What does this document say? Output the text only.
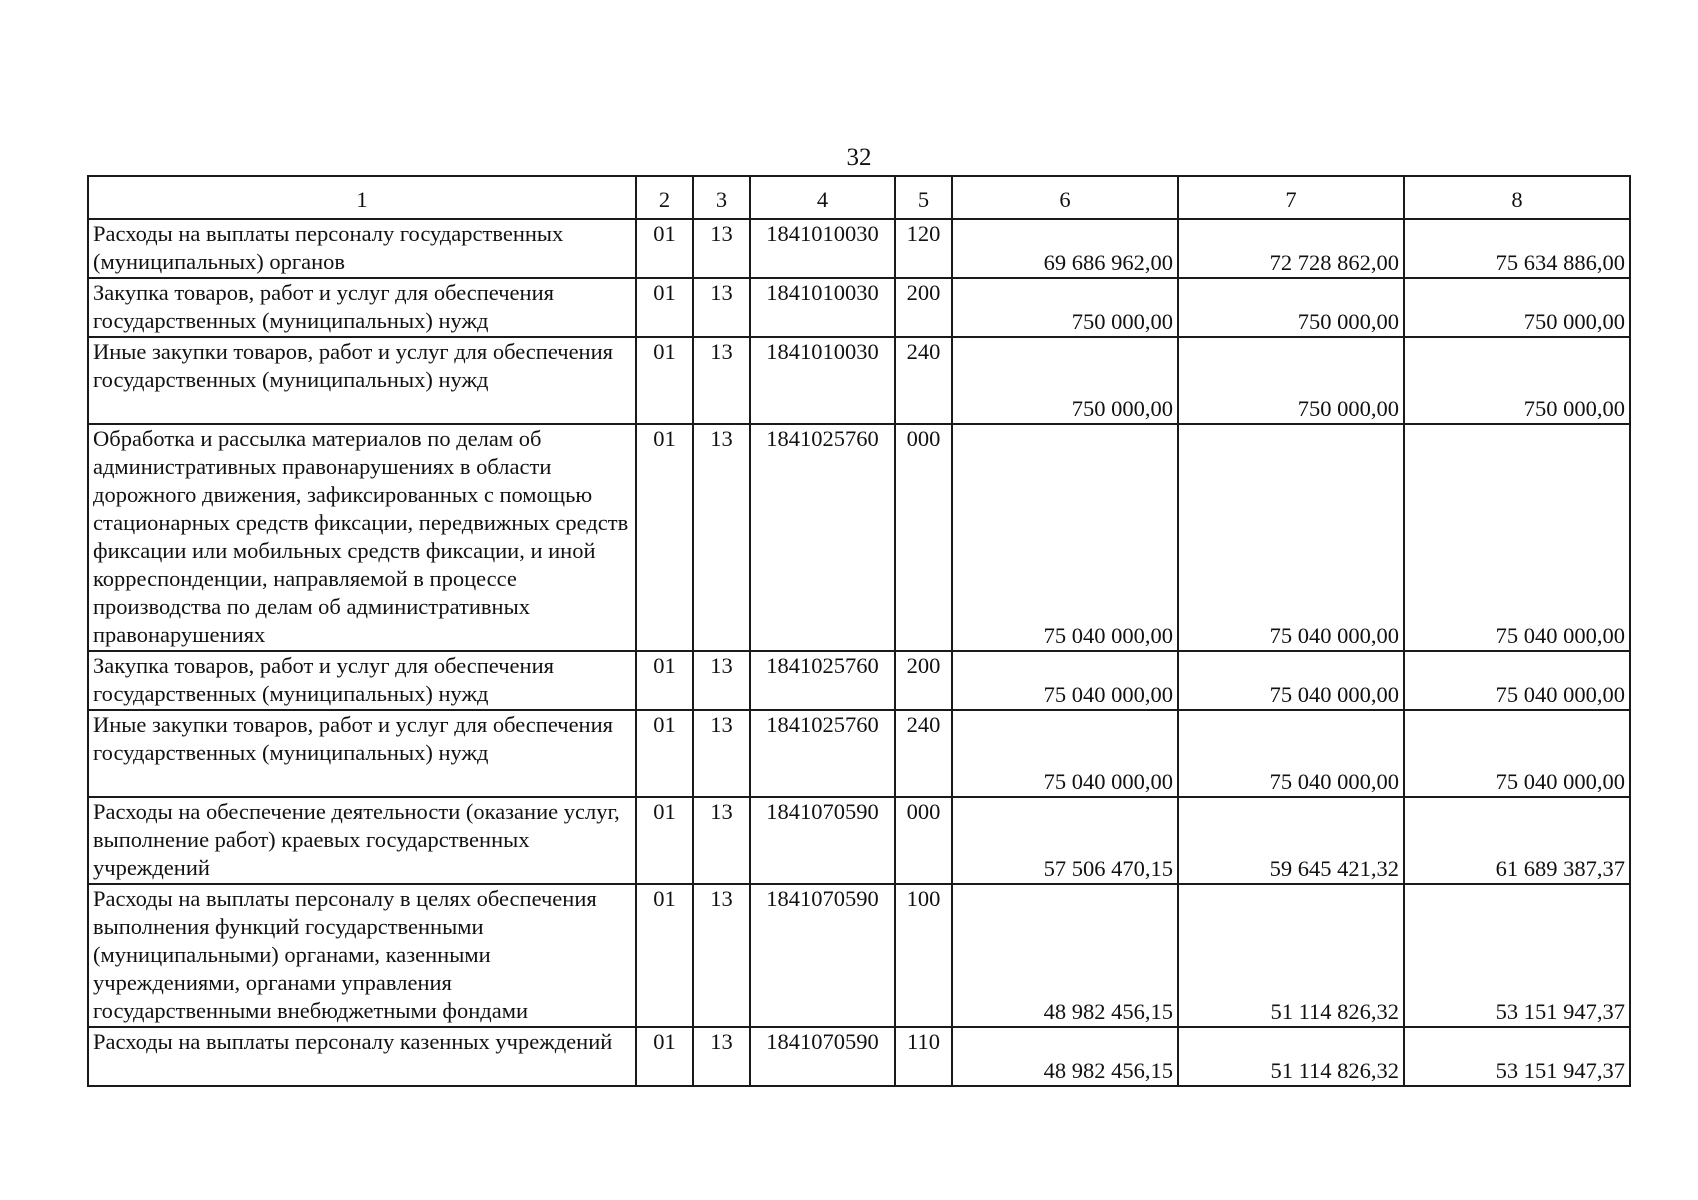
32
1	2	3	4	5	6	7	8
Расходы на выплаты персоналу государственных (муниципальных) органов	01	13	1841010030	120	69 686 962,00	72 728 862,00	75 634 886,00
Закупка товаров, работ и услуг для обеспечения государственных (муниципальных) нужд	01	13	1841010030	200	750 000,00	750 000,00	750 000,00
Иные закупки товаров, работ и услуг для обеспечения государственных (муниципальных) нужд	01	13	1841010030	240	750 000,00	750 000,00	750 000,00
Обработка и рассылка материалов по делам об административных правонарушениях в области дорожного движения, зафиксированных с помощью стационарных средств фиксации, передвижных средств фиксации или мобильных средств фиксации, и иной корреспонденции, направляемой в процессе производства по делам об административных правонарушениях	01	13	1841025760	000	75 040 000,00	75 040 000,00	75 040 000,00
Закупка товаров, работ и услуг для обеспечения государственных (муниципальных) нужд	01	13	1841025760	200	75 040 000,00	75 040 000,00	75 040 000,00
Иные закупки товаров, работ и услуг для обеспечения государственных (муниципальных) нужд	01	13	1841025760	240	75 040 000,00	75 040 000,00	75 040 000,00
Расходы на обеспечение деятельности (оказание услуг, выполнение работ) краевых государственных учреждений	01	13	1841070590	000	57 506 470,15	59 645 421,32	61 689 387,37
Расходы на выплаты персоналу в целях обеспечения выполнения функций государственными (муниципальными) органами, казенными учреждениями, органами управления государственными внебюджетными фондами	01	13	1841070590	100	48 982 456,15	51 114 826,32	53 151 947,37
Расходы на выплаты персоналу казенных учреждений	01	13	1841070590	110	48 982 456,15	51 114 826,32	53 151 947,37
